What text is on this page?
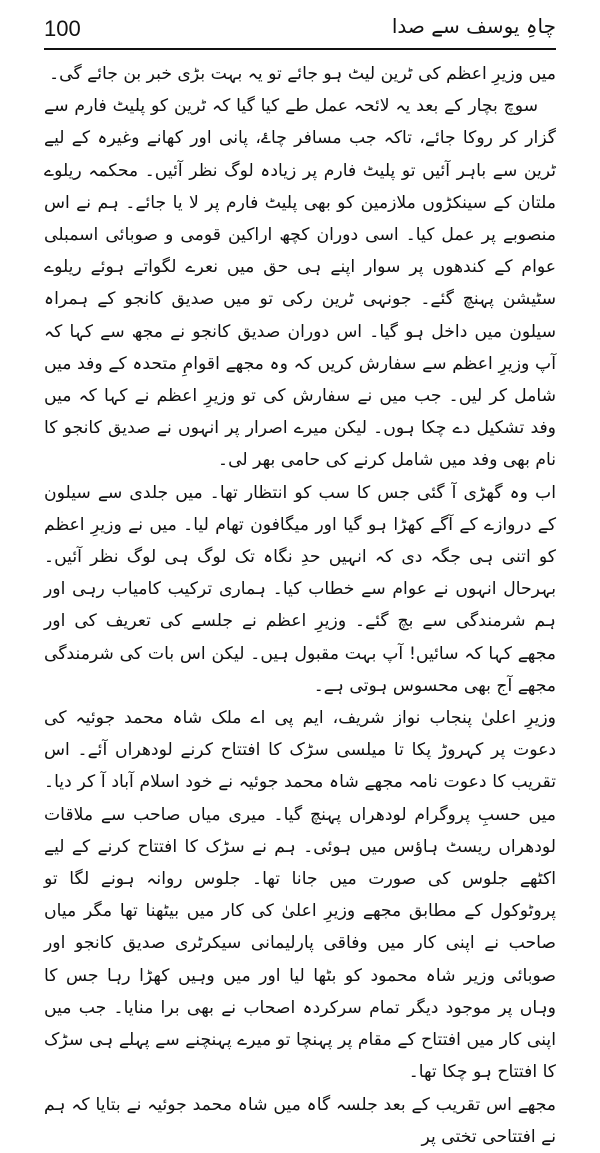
100	چاہِ یوسف سے صدا

میں وزیرِ اعظم کی ٹرین لیٹ ہو جائے تو یہ بہت بڑی خبر بن جائے گی۔

سوچ بچار کے بعد یہ لائحہ عمل طے کیا گیا کہ ٹرین کو پلیٹ فارم سے گزار کر روکا جائے، تاکہ جب مسافر چاۓ، پانی اور کھانے وغیرہ کے لیے ٹرین سے باہر آئیں تو پلیٹ فارم پر زیادہ لوگ نظر آئیں۔ محکمہ ریلوے ملتان کے سینکڑوں ملازمین کو بھی پلیٹ فارم پر لا یا جائے۔ ہم نے اس منصوبے پر عمل کیا۔ اسی دوران کچھ اراکین قومی و صوبائی اسمبلی عوام کے کندھوں پر سوار اپنے ہی حق میں نعرے لگواتے ہوئے ریلوے سٹیشن پہنچ گئے۔ جونہی ٹرین رکی تو میں صدیق کانجو کے ہمراہ سیلون میں داخل ہو گیا۔ اس دوران صدیق کانجو نے مجھ سے کہا کہ آپ وزیرِ اعظم سے سفارش کریں کہ وہ مجھے اقوامِ متحدہ کے وفد میں شامل کر لیں۔ جب میں نے سفارش کی تو وزیرِ اعظم نے کہا کہ میں وفد تشکیل دے چکا ہوں۔ لیکن میرے اصرار پر انہوں نے صدیق کانجو کا نام بھی وفد میں شامل کرنے کی حامی بھر لی۔

اب وہ گھڑی آ گئی جس کا سب کو انتظار تھا۔ میں جلدی سے سیلون کے دروازے کے آگے کھڑا ہو گیا اور میگافون تھام لیا۔ میں نے وزیرِ اعظم کو اتنی ہی جگہ دی کہ انہیں حدِ نگاہ تک لوگ ہی لوگ نظر آئیں۔ بہرحال انہوں نے عوام سے خطاب کیا۔ ہماری ترکیب کامیاب رہی اور ہم شرمندگی سے بچ گئے۔ وزیرِ اعظم نے جلسے کی تعریف کی اور مجھے کہا کہ سائیں! آپ بہت مقبول ہیں۔ لیکن اس بات کی شرمندگی مجھے آج بھی محسوس ہوتی ہے۔

وزیرِ اعلیٰ پنجاب نواز شریف، ایم پی اے ملک شاہ محمد جوئیہ کی دعوت پر کہروڑ پکا تا میلسی سڑک کا افتتاح کرنے لودھراں آئے۔ اس تقریب کا دعوت نامہ مجھے شاہ محمد جوئیہ نے خود اسلام آباد آ کر دیا۔ میں حسبِ پروگرام لودھراں پہنچ گیا۔ میری میاں صاحب سے ملاقات لودھراں ریسٹ ہاؤس میں ہوئی۔ ہم نے سڑک کا افتتاح کرنے کے لیے اکٹھے جلوس کی صورت میں جانا تھا۔ جلوس روانہ ہونے لگا تو پروٹوکول کے مطابق مجھے وزیرِ اعلیٰ کی کار میں بیٹھنا تھا مگر میاں صاحب نے اپنی کار میں وفاقی پارلیمانی سیکرٹری صدیق کانجو اور صوبائی وزیر شاہ محمود کو بٹھا لیا اور میں وہیں کھڑا رہا جس کا وہاں پر موجود دیگر تمام سرکردہ اصحاب نے بھی برا منایا۔ جب میں اپنی کار میں افتتاح کے مقام پر پہنچا تو میرے پہنچنے سے پہلے ہی سڑک کا افتتاح ہو چکا تھا۔

مجھے اس تقریب کے بعد جلسہ گاہ میں شاہ محمد جوئیہ نے بتایا کہ ہم نے افتتاحی تختی پر
